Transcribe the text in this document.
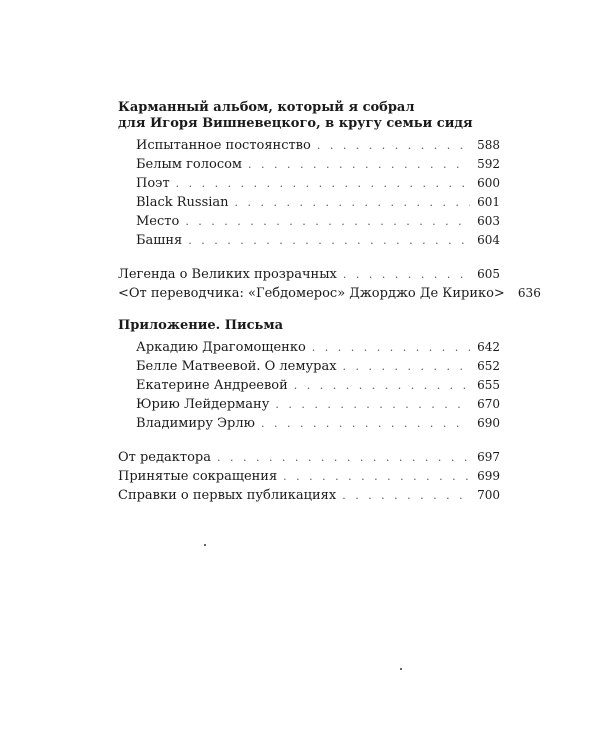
Карманный альбом, который я собрал
для Игоря Вишневецкого, в кругу семьи сидя
Испытанное постоянство . . .	588
Белым голосом . . .	592
Поэт . . .	600
Black Russian . . .	601
Место . . .	603
Башня . . .	604
Легенда о Великих прозрачных . . .	605
<От переводчика: «Гебдомерос» Джорджо Де Кирико> 636
Приложение. Письма
Аркадию Драгомощенко . . .	642
Белле Матвеевой. О лемурах . . .	652
Екатерине Андреевой . . .	655
Юрию Лейдерману . . .	670
Владимиру Эрлю . . .	690
От редактора . . .	697
Принятые сокращения . . .	699
Справки о первых публикациях . . .	700
